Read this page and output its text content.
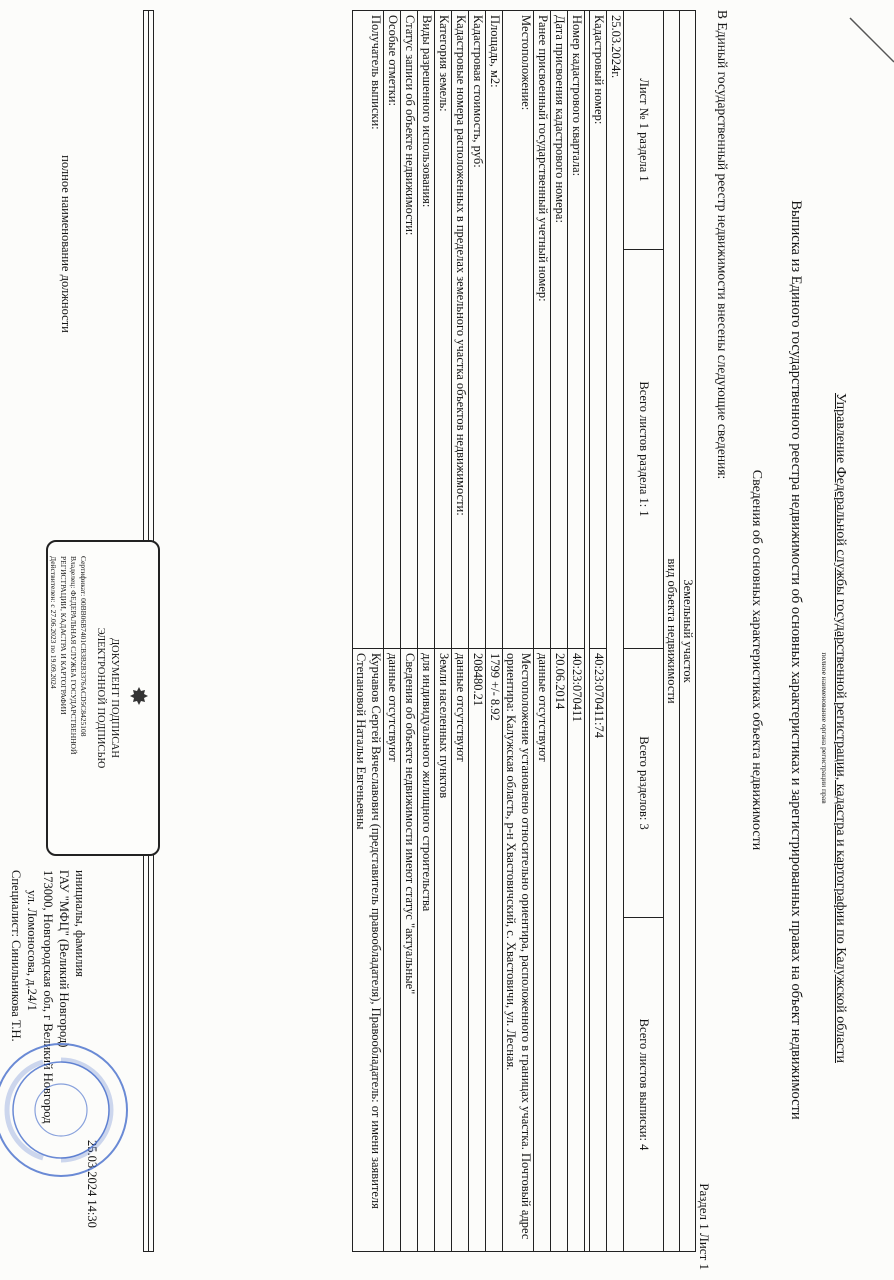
Управление Федеральной службы государственной регистрации, кадастра и картографии по Калужской области
полное наименование органа регистрации прав
Выписка из Единого государственного реестра недвижимости об основных характеристиках и зарегистрированных правах на объект недвижимости
Сведения об основных характеристиках объекта недвижимости
В Единый государственный реестр недвижимости внесены следующие сведения:
Раздел 1 Лист 1
Земельный участок			
вид объекта недвижимости			
Лист № 1 раздела 1	Всего листов раздела 1: 1	Всего разделов: 3	Всего листов выписки: 4
25.03.2024г.			
Кадастровый номер:		40:23:070411:74	

Номер кадастрового квартала:		40:23:070411	
Дата присвоения кадастрового номера:		20.06.2014	
Ранее присвоенный государственный учетный номер:		данные отсутствуют	
Местоположение:		Местоположение установлено относительно ориентира, расположенного в границах участка. Почтовый адрес ориентира: Калужская область, р-н Хвастовичский, с. Хвастовичи, ул. Лесная.	
Площадь, м2:		1799 +/- 8.92	
Кадастровая стоимость, руб:		208480.21	
Кадастровые номера расположенных в пределах земельного участка объектов недвижимости:		данные отсутствуют	
Категория земель:		Земли населенных пунктов	
Виды разрешенного использования:		для индивидуального жилищного строительства	
Статус записи об объекте недвижимости:		Сведения об объекте недвижимости имеют статус "актуальные"	
Особые отметки:		данные отсутствуют	
Получатель выписки:		Курчавов Сергей Вячеславович (представитель правообладателя), Правообладатель: от имени заявителя Степановой Натальи Евгеньевны	

полное наименование должности
ДОКУМЕНТ ПОДПИСАН
ЭЛЕКТРОННОЙ ПОДПИСЬЮ
Сертификат: 00BB06B7401CB3B2B3376ACD5C8425108
Владелец: ФЕДЕРАЛЬНАЯ СЛУЖБА ГОСУДАРСТВЕННОЙ
РЕГИСТРАЦИИ, КАДАСТРА И КАРТОГРАФИИ
Действителен: с 27.06.2023 по 19.09.2024
инициалы, фамилия
ГАУ "МФЦ" (Великий Новгород)
173000, Новгородская обл, г Великий Новгород
ул. Ломоносова, д.24/1
Специалист: Синильникова Т.Н.
25.03.2024 14:30
